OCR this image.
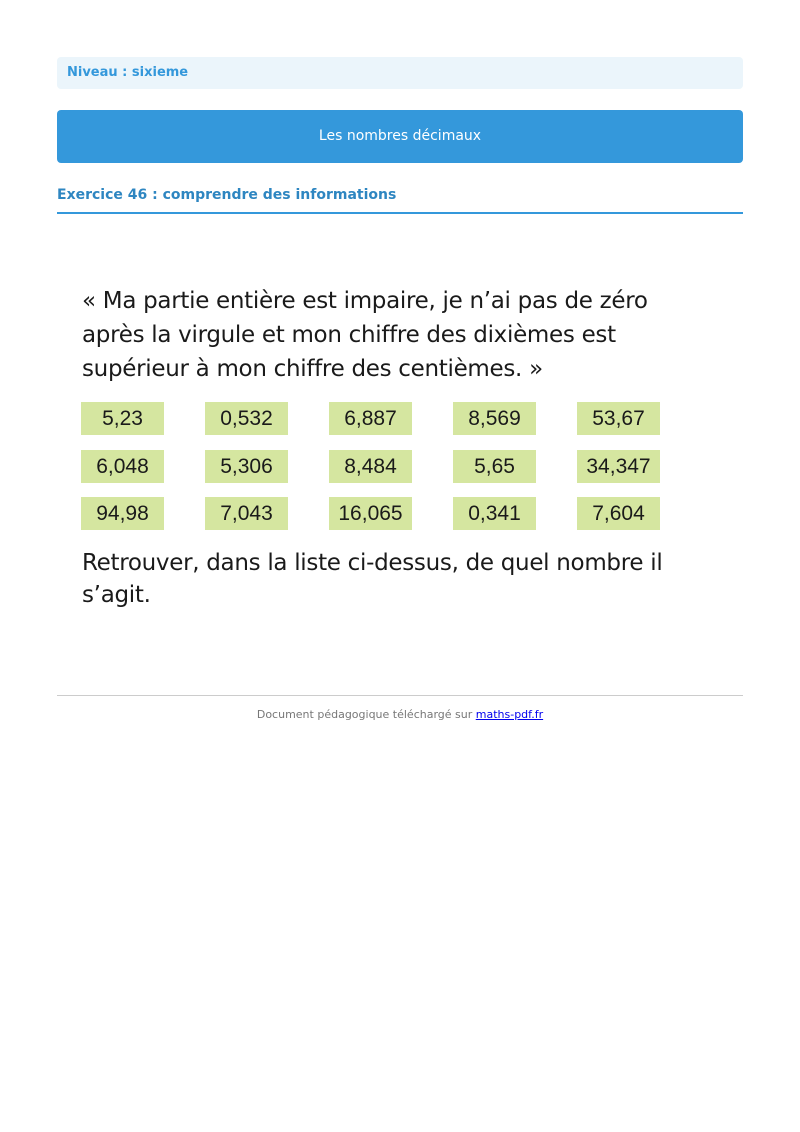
Niveau : sixieme
Les nombres décimaux
Exercice 46 : comprendre des informations
« Ma partie entière est impaire, je n’ai pas de zéro après la virgule et mon chiffre des dixièmes est supérieur à mon chiffre des centièmes. »
5,23	0,532	6,887	8,569	53,67
6,048	5,306	8,484	5,65	34,347
94,98	7,043	16,065	0,341	7,604
Retrouver, dans la liste ci-dessus, de quel nombre il s’agit.
Document pédagogique téléchargé sur maths-pdf.fr
